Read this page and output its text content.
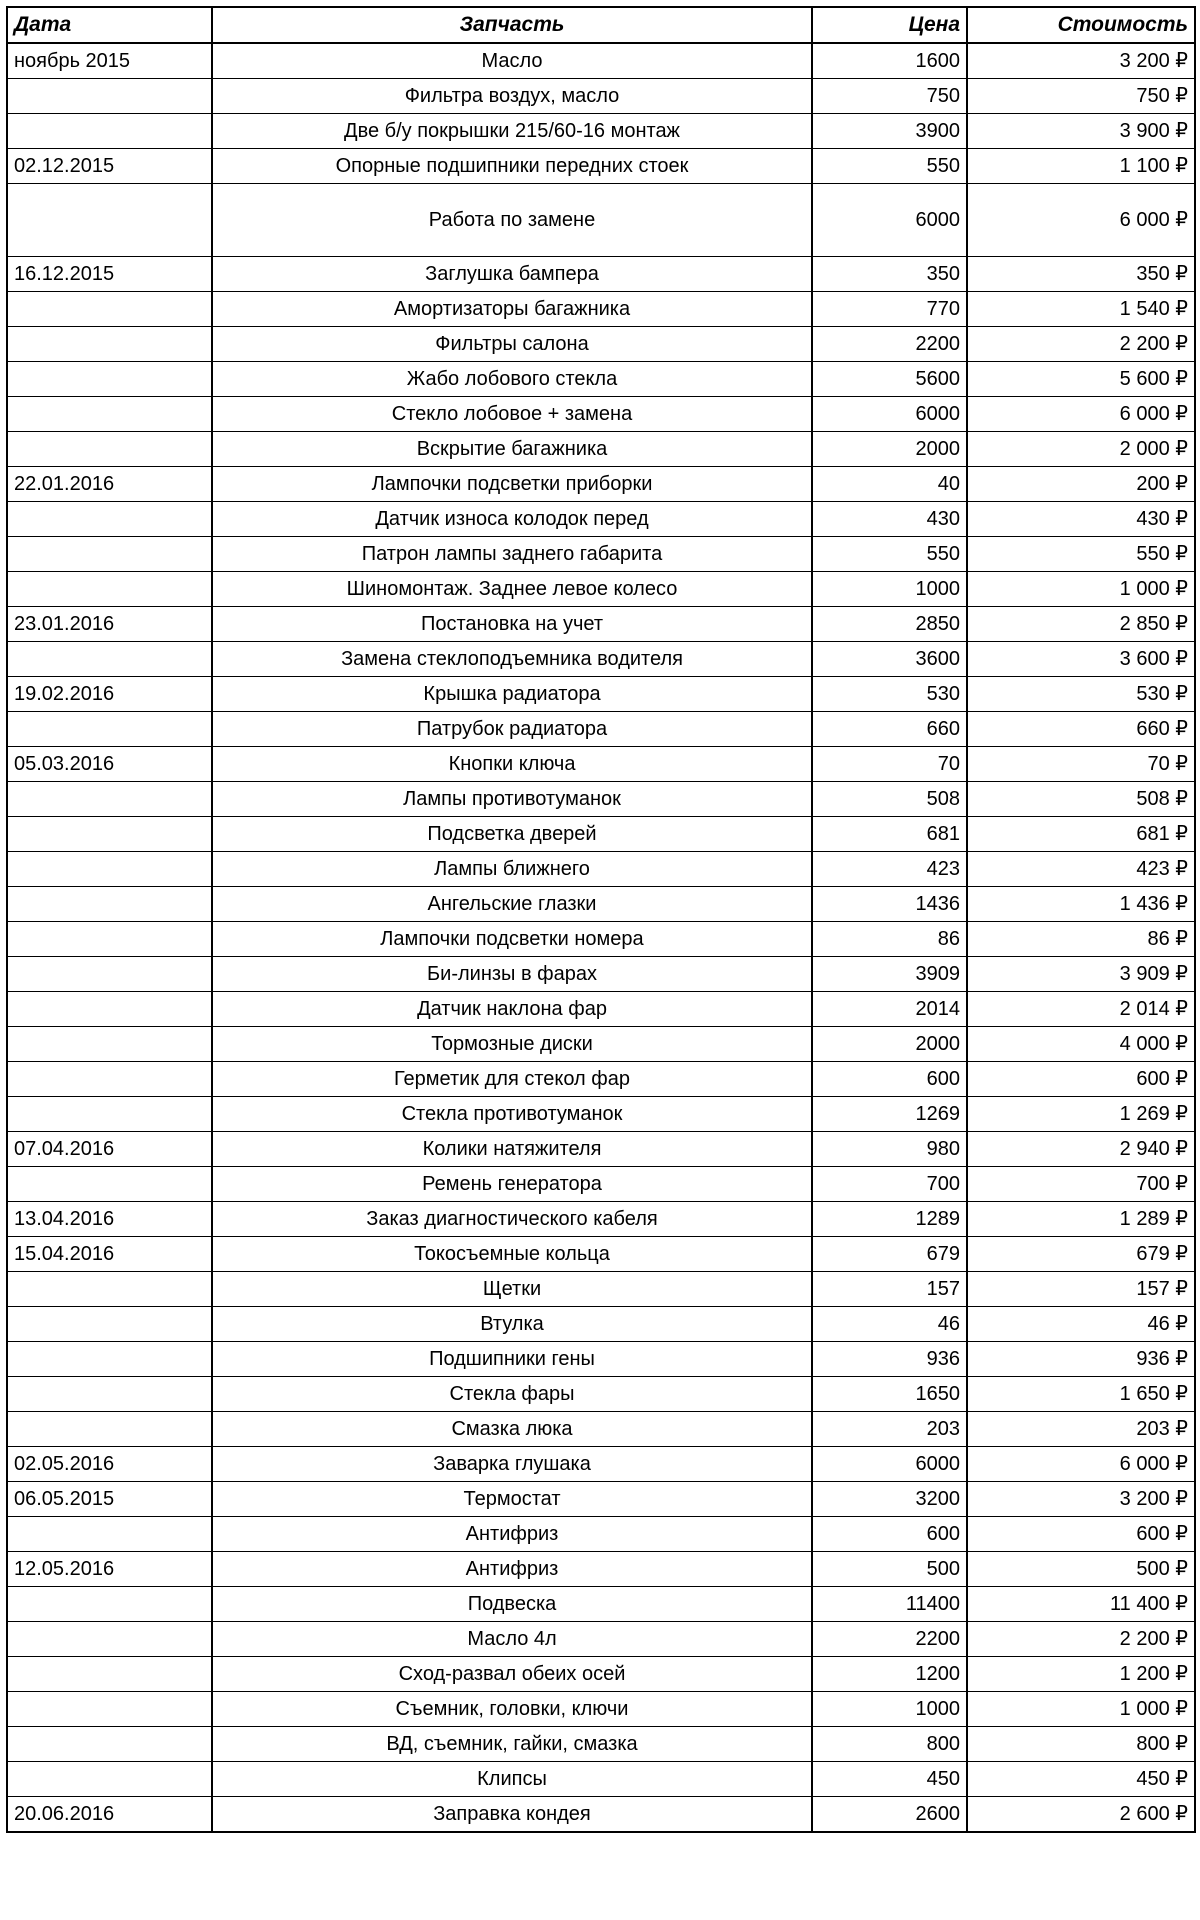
Дата	Запчасть	Цена	Стоимость
ноябрь 2015	Масло	1600	3 200 ₽
	Фильтра воздух, масло	750	750 ₽
	Две б/у покрышки 215/60-16 монтаж	3900	3 900 ₽
02.12.2015	Опорные подшипники передних стоек	550	1 100 ₽
	Работа по замене	6000	6 000 ₽
16.12.2015	Заглушка бампера	350	350 ₽
	Амортизаторы багажника	770	1 540 ₽
	Фильтры салона	2200	2 200 ₽
	Жабо лобового стекла	5600	5 600 ₽
	Стекло лобовое + замена	6000	6 000 ₽
	Вскрытие багажника	2000	2 000 ₽
22.01.2016	Лампочки подсветки приборки	40	200 ₽
	Датчик износа колодок перед	430	430 ₽
	Патрон лампы заднего габарита	550	550 ₽
	Шиномонтаж. Заднее левое колесо	1000	1 000 ₽
23.01.2016	Постановка на учет	2850	2 850 ₽
	Замена стеклоподъемника водителя	3600	3 600 ₽
19.02.2016	Крышка радиатора	530	530 ₽
	Патрубок радиатора	660	660 ₽
05.03.2016	Кнопки ключа	70	70 ₽
	Лампы противотуманок	508	508 ₽
	Подсветка дверей	681	681 ₽
	Лампы ближнего	423	423 ₽
	Ангельские глазки	1436	1 436 ₽
	Лампочки подсветки номера	86	86 ₽
	Би-линзы в фарах	3909	3 909 ₽
	Датчик наклона фар	2014	2 014 ₽
	Тормозные диски	2000	4 000 ₽
	Герметик для стекол фар	600	600 ₽
	Стекла противотуманок	1269	1 269 ₽
07.04.2016	Колики натяжителя	980	2 940 ₽
	Ремень генератора	700	700 ₽
13.04.2016	Заказ диагностического кабеля	1289	1 289 ₽
15.04.2016	Токосъемные кольца	679	679 ₽
	Щетки	157	157 ₽
	Втулка	46	46 ₽
	Подшипники гены	936	936 ₽
	Стекла фары	1650	1 650 ₽
	Смазка люка	203	203 ₽
02.05.2016	Заварка глушака	6000	6 000 ₽
06.05.2015	Термостат	3200	3 200 ₽
	Антифриз	600	600 ₽
12.05.2016	Антифриз	500	500 ₽
	Подвеска	11400	11 400 ₽
	Масло 4л	2200	2 200 ₽
	Сход-развал обеих осей	1200	1 200 ₽
	Съемник, головки, ключи	1000	1 000 ₽
	ВД, съемник, гайки, смазка	800	800 ₽
	Клипсы	450	450 ₽
20.06.2016	Заправка кондея	2600	2 600 ₽
